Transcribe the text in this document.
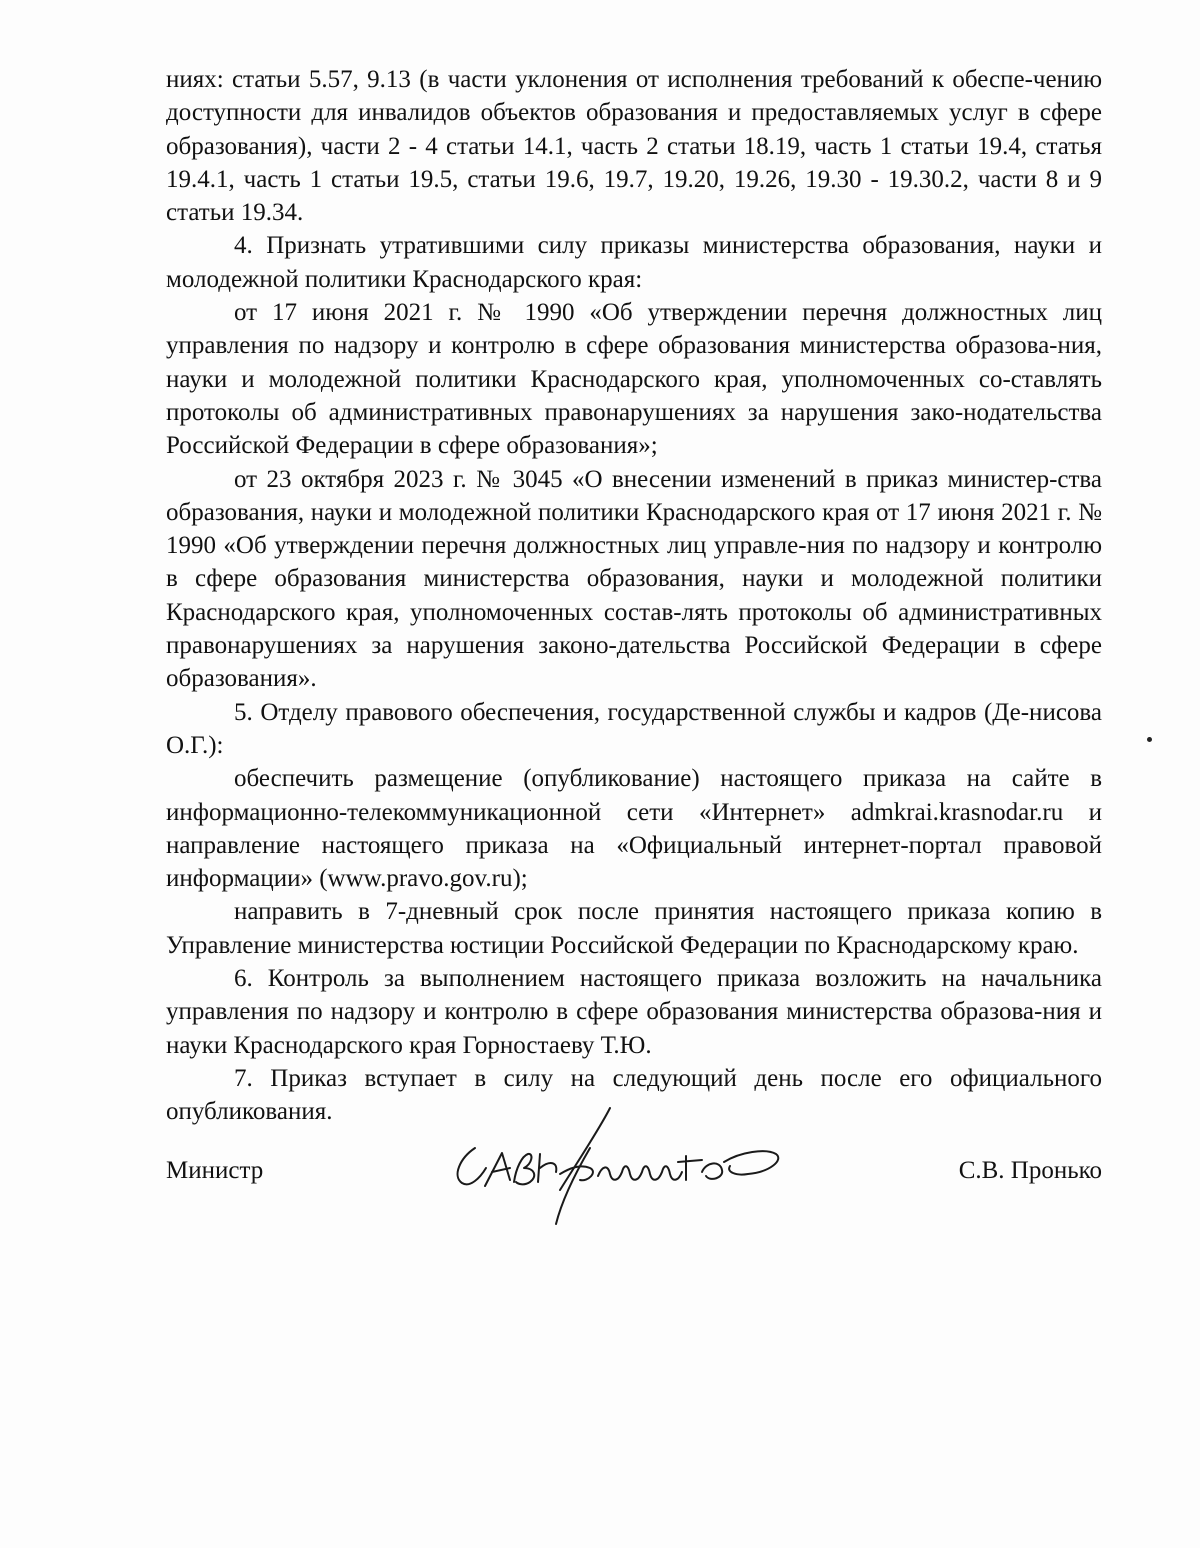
ниях: статьи 5.57, 9.13 (в части уклонения от исполнения требований к обеспе-чению доступности для инвалидов объектов образования и предоставляемых услуг в сфере образования), части 2 - 4 статьи 14.1, часть 2 статьи 18.19, часть 1 статьи 19.4, статья 19.4.1, часть 1 статьи 19.5, статьи 19.6, 19.7, 19.20, 19.26, 19.30 - 19.30.2, части 8 и 9 статьи 19.34.

4. Признать утратившими силу приказы министерства образования, науки и молодежной политики Краснодарского края:

от 17 июня 2021 г. № 1990 «Об утверждении перечня должностных лиц управления по надзору и контролю в сфере образования министерства образова-ния, науки и молодежной политики Краснодарского края, уполномоченных со-ставлять протоколы об административных правонарушениях за нарушения зако-нодательства Российской Федерации в сфере образования»;

от 23 октября 2023 г. № 3045 «О внесении изменений в приказ министер-ства образования, науки и молодежной политики Краснодарского края от 17 июня 2021 г. № 1990 «Об утверждении перечня должностных лиц управле-ния по надзору и контролю в сфере образования министерства образования, науки и молодежной политики Краснодарского края, уполномоченных состав-лять протоколы об административных правонарушениях за нарушения законо-дательства Российской Федерации в сфере образования».

5. Отделу правового обеспечения, государственной службы и кадров (Де-нисова О.Г.):

обеспечить размещение (опубликование) настоящего приказа на сайте в информационно-телекоммуникационной сети «Интернет» admkrai.krasnodar.ru и направление настоящего приказа на «Официальный интернет-портал правовой информации» (www.pravo.gov.ru);

направить в 7-дневный срок после принятия настоящего приказа копию в Управление министерства юстиции Российской Федерации по Краснодарскому краю.

6. Контроль за выполнением настоящего приказа возложить на начальника управления по надзору и контролю в сфере образования министерства образова-ния и науки Краснодарского края Горностаеву Т.Ю.

7. Приказ вступает в силу на следующий день после его официального опубликования.

Министр	С.В. Пронько
